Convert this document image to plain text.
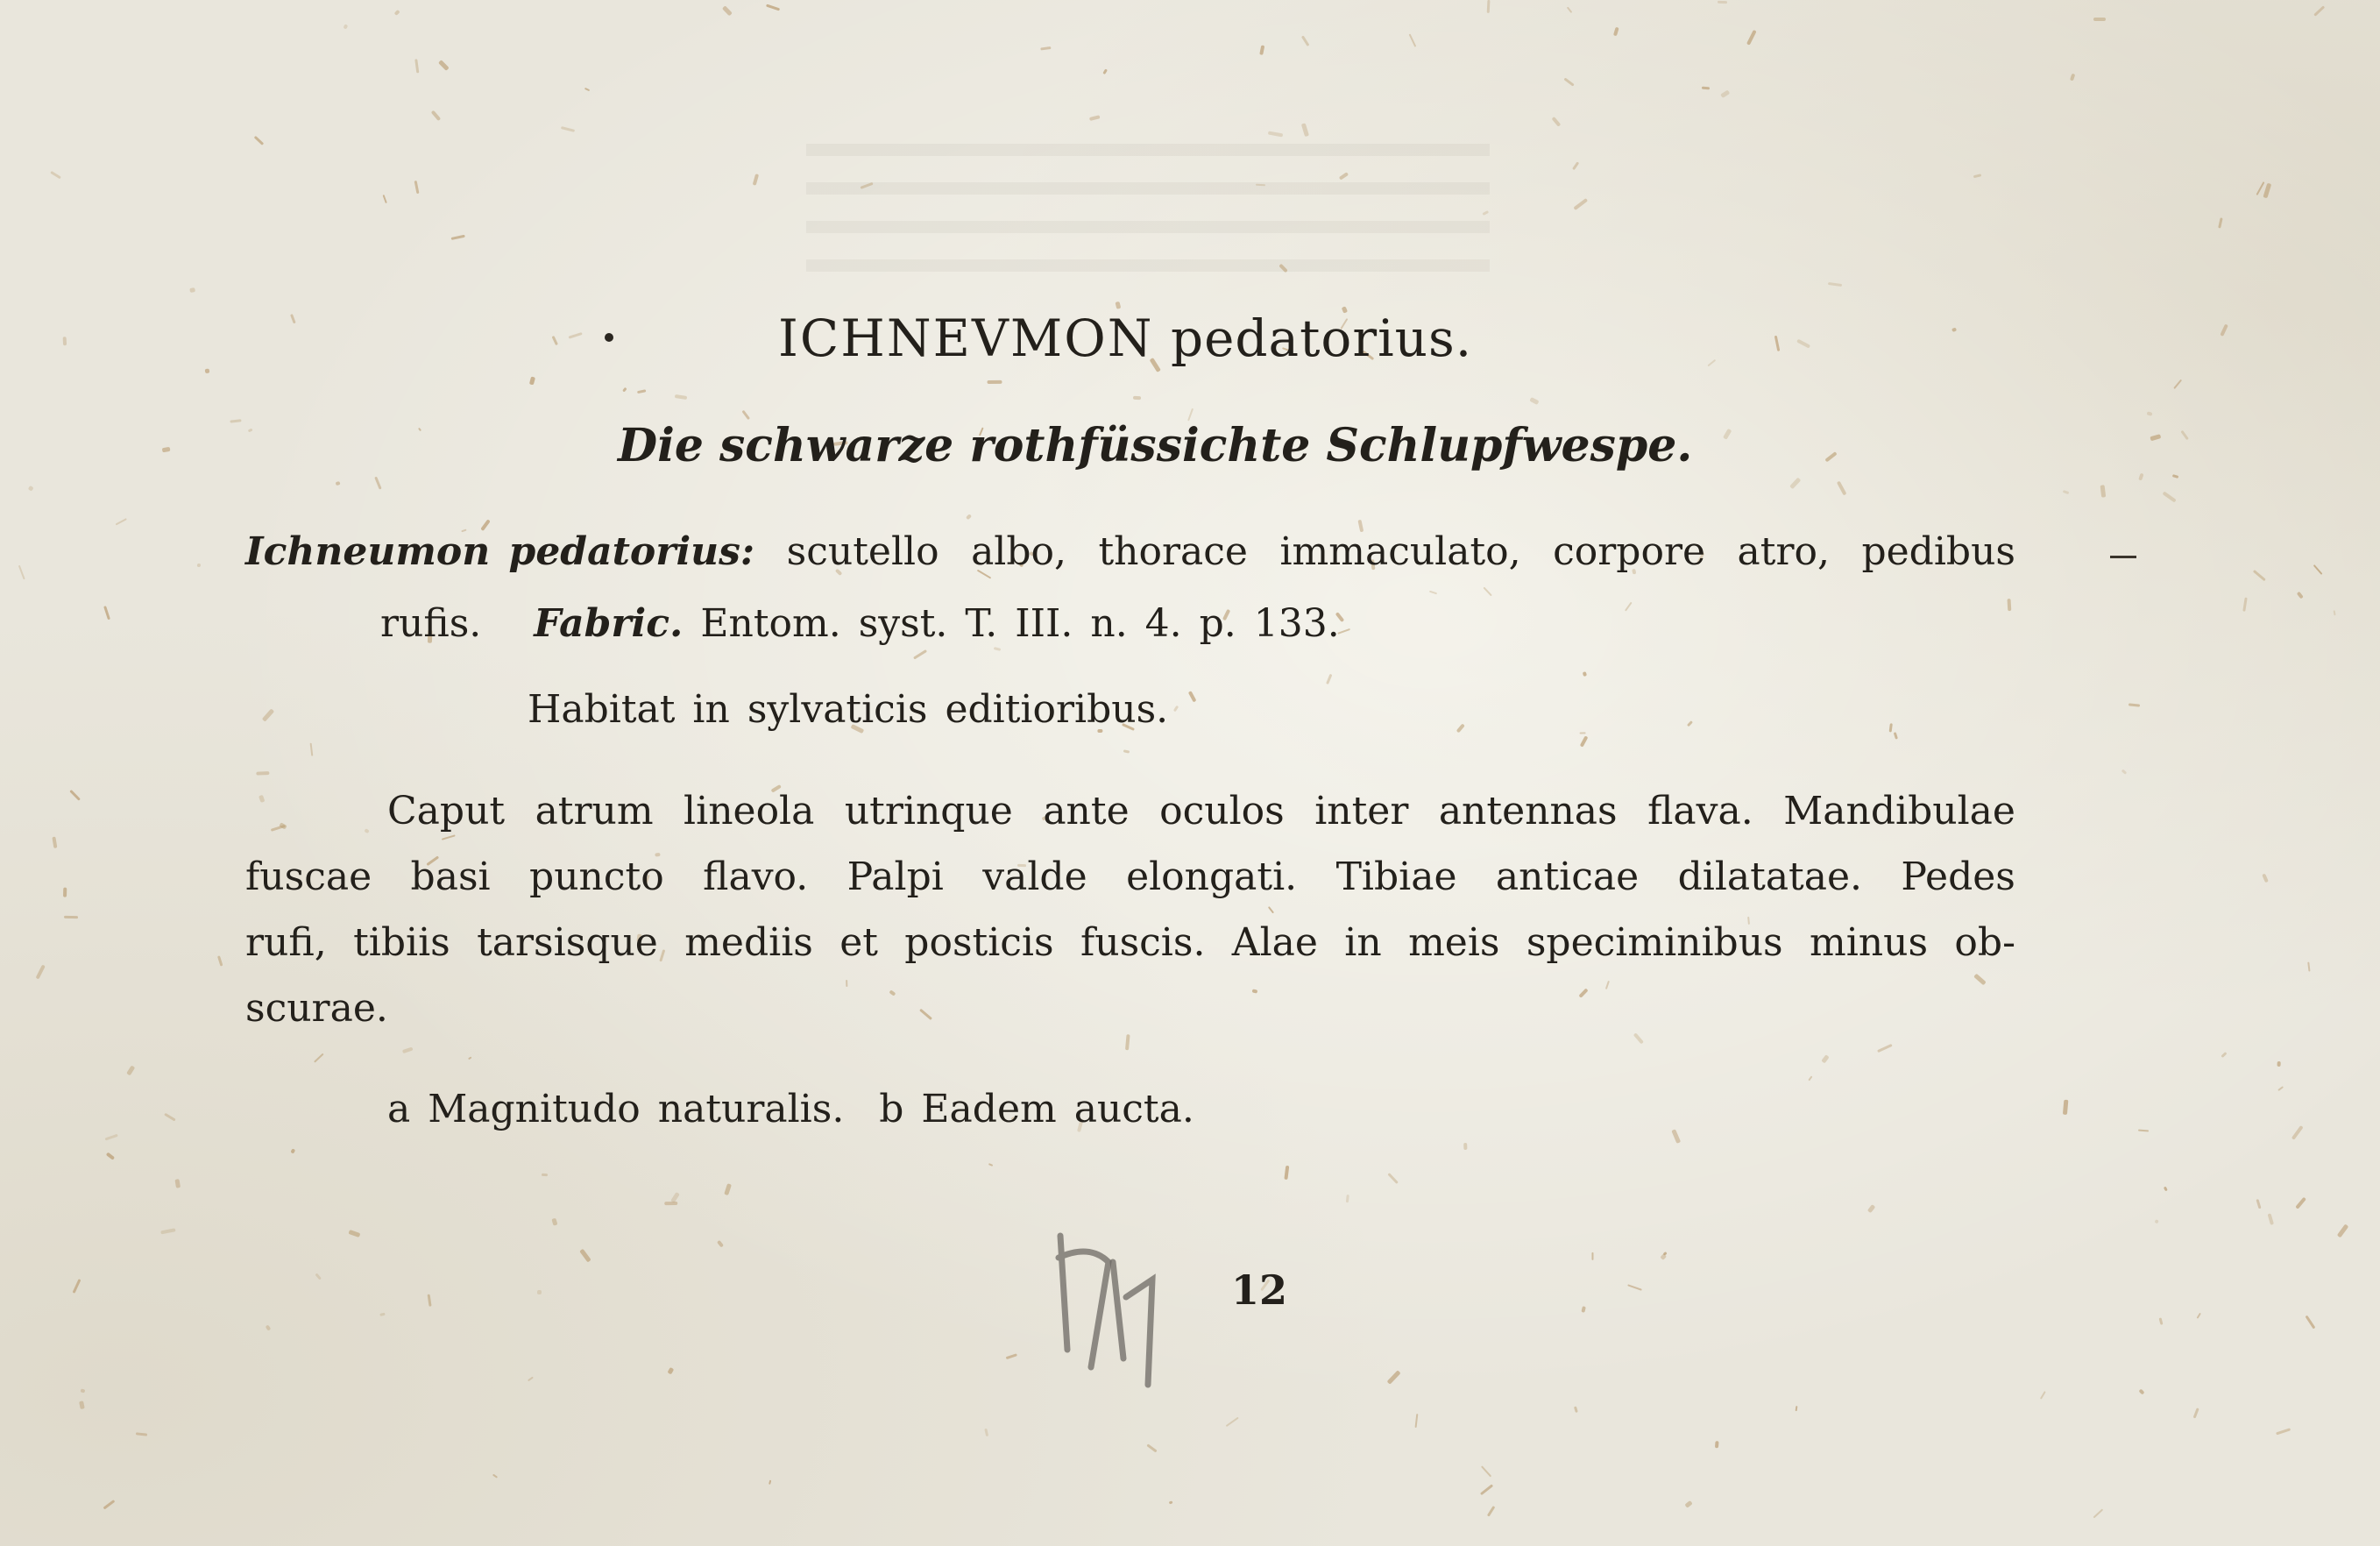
ICHNEVMON pedatorius.
Die schwarze rothfüssichte Schlupfwespe.
Ichneumon pedatorius: scutello albo, thorace immaculato, corpore atro, pedibus
rufis. Fabric. Entom. syst. T. III. n. 4. p. 133.
Habitat in sylvaticis editioribus.
Caput atrum lineola utrinque ante oculos inter antennas flava. Mandibulae
fuscae basi puncto flavo. Palpi valde elongati. Tibiae anticae dilatatae. Pedes
rufi, tibiis tarsisque mediis et posticis fuscis. Alae in meis speciminibus minus ob-
scurae.
a Magnitudo naturalis.  b Eadem aucta.
12
